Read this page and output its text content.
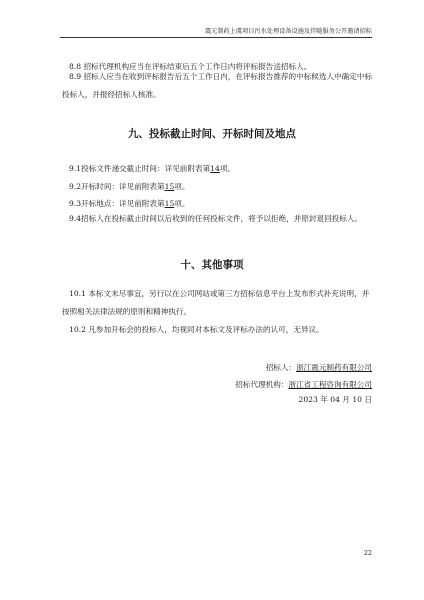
震元制药上虞项目污水处理设备设施及伴随服务公开邀请招标

8.8 招标代理机构应当在评标结束后五个工作日内将评标报告送招标人。

8.9 招标人应当在收到评标报告后五个工作日内，在评标报告推荐的中标候选人中确定中标投标人，并报经招标人核准。

九、投标截止时间、开标时间及地点

9.1投标文件递交截止时间：详见前附表第14项。

9.2开标时间：详见前附表第15项。

9.3开标地点：详见前附表第15项。

9.4招标人在投标截止时间以后收到的任何投标文件，将予以拒绝，并原封退回投标人。

十、其他事项

10.1 本标文未尽事宜，另行以在公司网站或第三方招标信息平台上发布形式补充说明，并按照相关法律法规的原则和精神执行。

10.2 凡参加开标会的投标人，均视同对本标文及评标办法的认可，无异议。

招标人：浙江震元制药有限公司

招标代理机构：浙江省工程咨询有限公司

2023 年 04 月 10 日

22
